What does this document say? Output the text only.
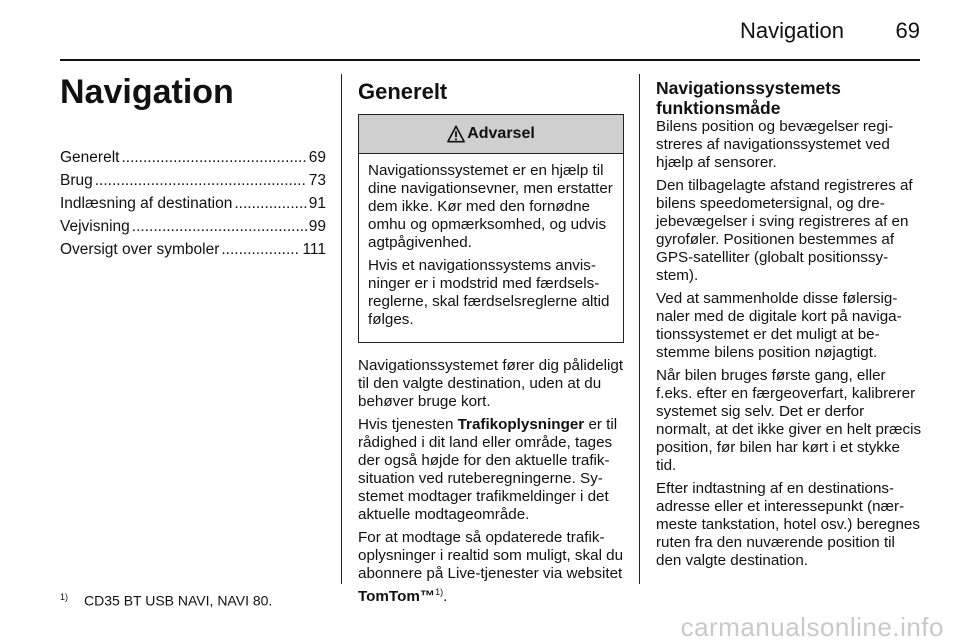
Navigation 69
Navigation
Generelt .....	69
Brug .....	73
Indlæsning af destination .....	91
Vejvisning .....	99
Oversigt over symboler .....	111
Generelt
Advarsel

Navigationssystemet er en hjælp til dine navigationsevner, men erstatter dem ikke. Kør med den fornødne omhu og opmærksomhed, og udvis agtpågivenhed.

Hvis et navigationssystems anvisninger er i modstrid med færdselsreglerne, skal færdselsreglerne altid følges.

Navigationssystemet fører dig pålideligt til den valgte destination, uden at du behøver bruge kort.

Hvis tjenesten Trafikoplysninger er til rådighed i dit land eller område, tages der også højde for den aktuelle trafiksituation ved ruteberegningerne. Systemet modtager trafikmeldinger i det aktuelle modtageområde.

For at modtage så opdaterede trafikoplysninger i realtid som muligt, skal du abonnere på Live-tjenester via websitet TomTom™$^{1)}$.

Navigationssystemets
funktionsmåde

Bilens position og bevægelser registreres af navigationssystemet ved hjælp af sensorer.

Den tilbagelagte afstand registreres af bilens speedometersignal, og drejebevægelser i sving registreres af en gyroføler. Positionen bestemmes af GPS-satelliter (globalt positionssystem).

Ved at sammenholde disse følersignaler med de digitale kort på navigationssystemet er det muligt at bestemme bilens position nøjagtigt.

Når bilen bruges første gang, eller f.eks. efter en færgeoverfart, kalibrerer systemet sig selv. Det er derfor normalt, at det ikke giver en helt præcis position, før bilen har kørt i et stykke tid.

Efter indtastning af en destinationsadresse eller et interessepunkt (nærmeste tankstation, hotel osv.) beregnes ruten fra den nuværende position til den valgte destination.

$^{1)}$ CD35 BT USB NAVI, NAVI 80.
carmanualsonline.info
